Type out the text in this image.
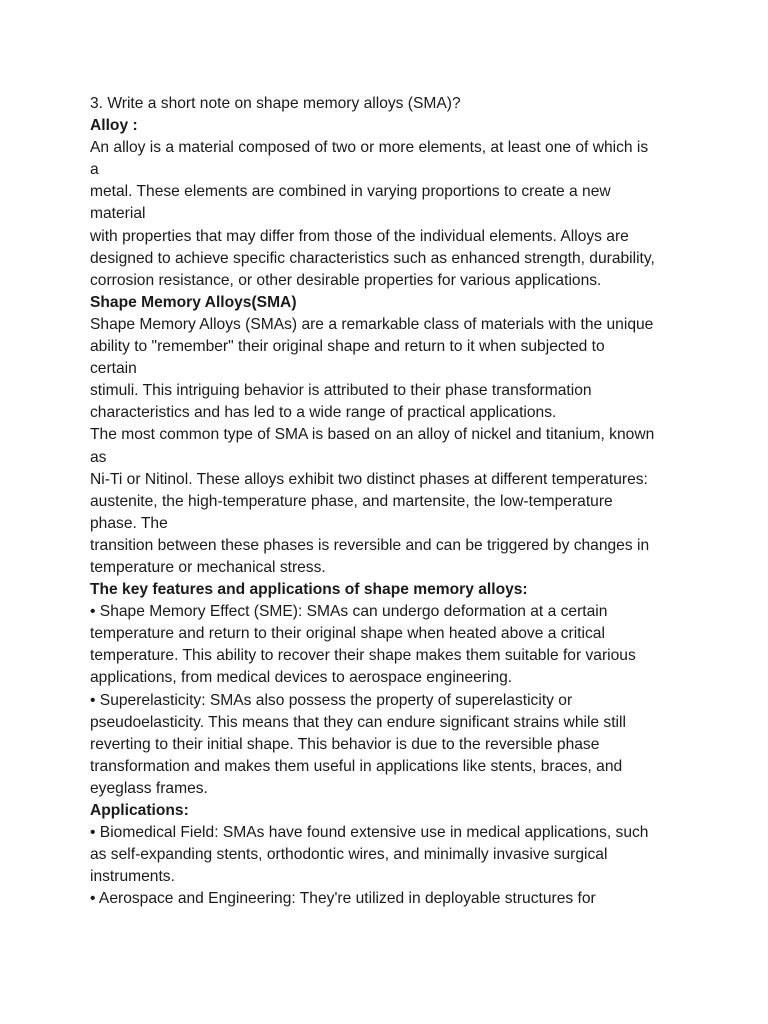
3. Write a short note on shape memory alloys (SMA)?
Alloy :
An alloy is a material composed of two or more elements, at least one of which is
a
metal. These elements are combined in varying proportions to create a new
material
with properties that may differ from those of the individual elements. Alloys are
designed to achieve specific characteristics such as enhanced strength, durability,
corrosion resistance, or other desirable properties for various applications.
Shape Memory Alloys(SMA)
Shape Memory Alloys (SMAs) are a remarkable class of materials with the unique
ability to "remember" their original shape and return to it when subjected to
certain
stimuli. This intriguing behavior is attributed to their phase transformation
characteristics and has led to a wide range of practical applications.
The most common type of SMA is based on an alloy of nickel and titanium, known
as
Ni-Ti or Nitinol. These alloys exhibit two distinct phases at different temperatures:
austenite, the high-temperature phase, and martensite, the low-temperature
phase. The
transition between these phases is reversible and can be triggered by changes in
temperature or mechanical stress.
The key features and applications of shape memory alloys:
• Shape Memory Effect (SME): SMAs can undergo deformation at a certain
temperature and return to their original shape when heated above a critical
temperature. This ability to recover their shape makes them suitable for various
applications, from medical devices to aerospace engineering.
• Superelasticity: SMAs also possess the property of superelasticity or
pseudoelasticity. This means that they can endure significant strains while still
reverting to their initial shape. This behavior is due to the reversible phase
transformation and makes them useful in applications like stents, braces, and
eyeglass frames.
Applications:
• Biomedical Field: SMAs have found extensive use in medical applications, such
as self-expanding stents, orthodontic wires, and minimally invasive surgical
instruments.
• Aerospace and Engineering: They're utilized in deployable structures for
